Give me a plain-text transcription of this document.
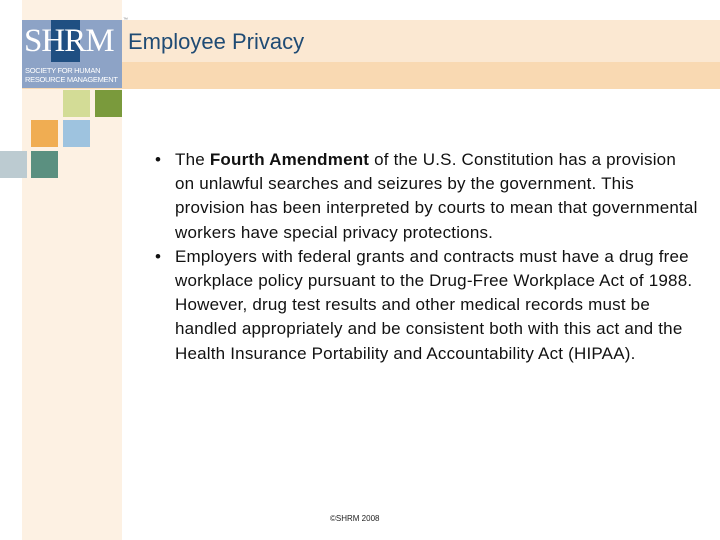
SHRM
SOCIETY FOR HUMAN RESOURCE MANAGEMENT
™
Employee Privacy
• The Fourth Amendment of the U.S. Constitution has a provision on unlawful searches and seizures by the government. This provision has been interpreted by courts to mean that governmental workers have special privacy protections.
• Employers with federal grants and contracts must have a drug free workplace policy pursuant to the Drug-Free Workplace Act of 1988. However, drug test results and other medical records must be handled appropriately and be consistent both with this act and the Health Insurance Portability and Accountability Act (HIPAA).
©SHRM 2008
